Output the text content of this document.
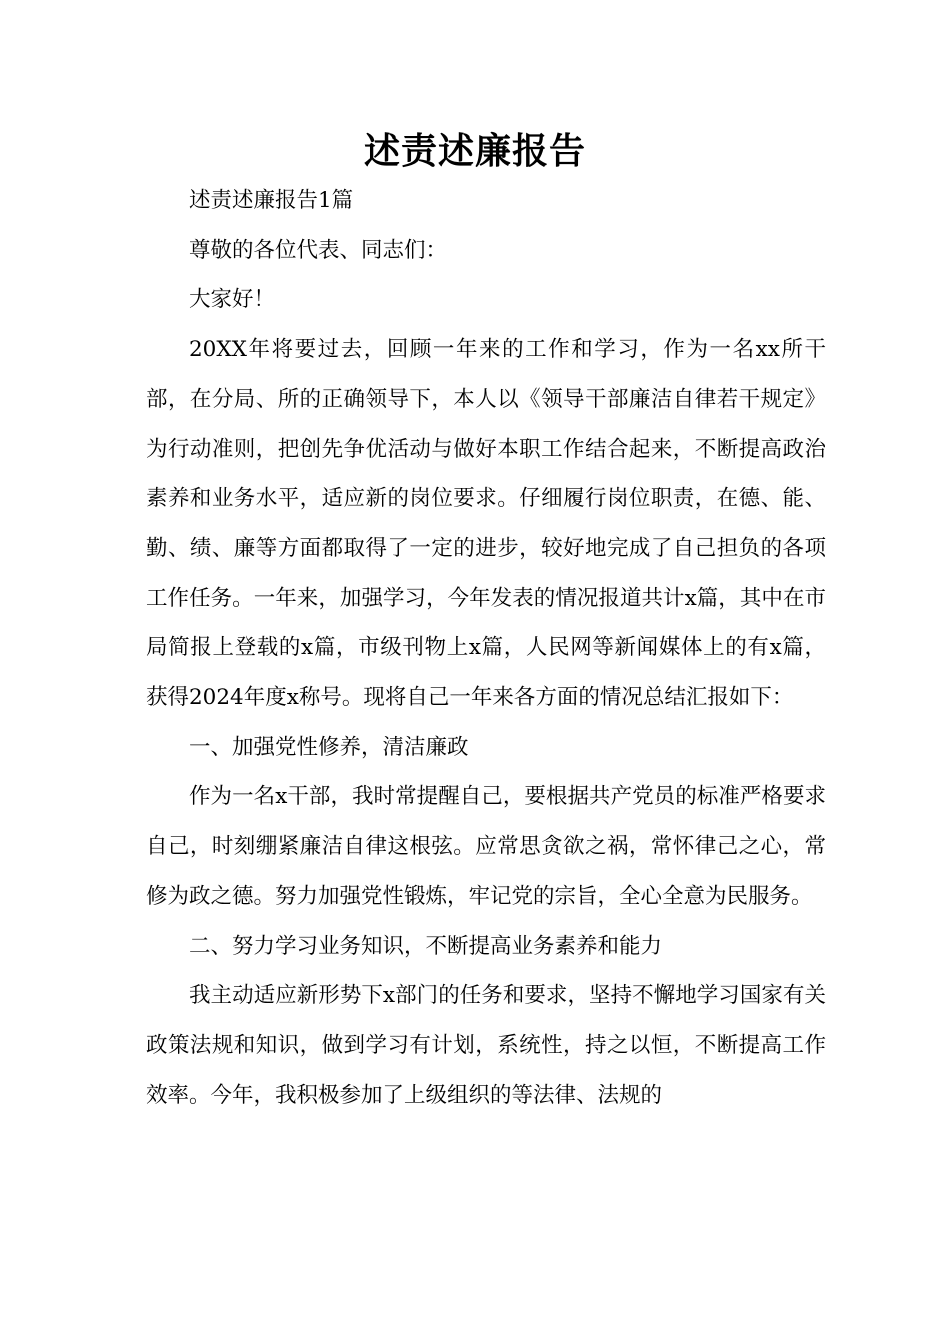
述责述廉报告

述责述廉报告1篇

尊敬的各位代表、同志们：

大家好！

20XX年将要过去，回顾一年来的工作和学习，作为一名xx所干部，在分局、所的正确领导下，本人以《领导干部廉洁自律若干规定》为行动准则，把创先争优活动与做好本职工作结合起来，不断提高政治素养和业务水平，适应新的岗位要求。仔细履行岗位职责，在德、能、勤、绩、廉等方面都取得了一定的进步，较好地完成了自己担负的各项工作任务。一年来，加强学习，今年发表的情况报道共计x篇，其中在市局简报上登载的x篇，市级刊物上x篇，人民网等新闻媒体上的有x篇，获得2024年度x称号。现将自己一年来各方面的情况总结汇报如下：

一、加强党性修养，清洁廉政

作为一名x干部，我时常提醒自己，要根据共产党员的标准严格要求自己，时刻绷紧廉洁自律这根弦。应常思贪欲之祸，常怀律己之心，常修为政之德。努力加强党性锻炼，牢记党的宗旨，全心全意为民服务。

二、努力学习业务知识，不断提高业务素养和能力

我主动适应新形势下x部门的任务和要求，坚持不懈地学习国家有关政策法规和知识，做到学习有计划，系统性，持之以恒，不断提高工作效率。今年，我积极参加了上级组织的等法律、法规的
